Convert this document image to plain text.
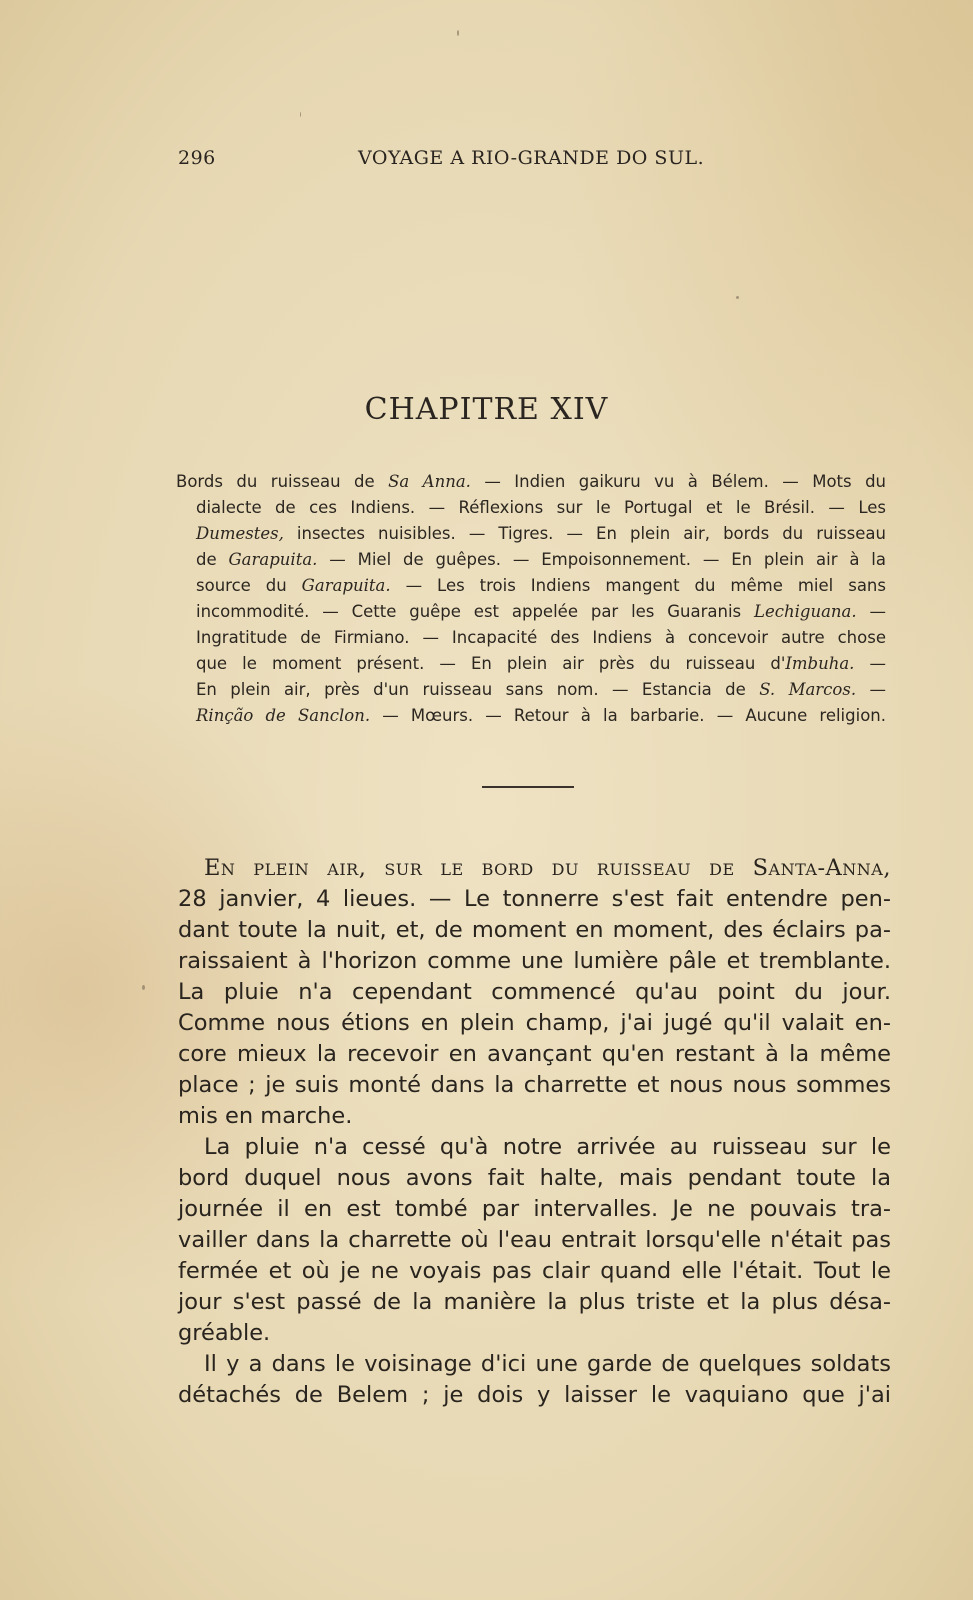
296	VOYAGE A RIO-GRANDE DO SUL.
CHAPITRE XIV
Bords du ruisseau de Sa Anna. — Indien gaikuru vu à Bélem. — Mots du
dialecte de ces Indiens. — Réflexions sur le Portugal et le Brésil. — Les
Dumestes, insectes nuisibles. — Tigres. — En plein air, bords du ruisseau
de Garapuita. — Miel de guêpes. — Empoisonnement. — En plein air à la
source du Garapuita. — Les trois Indiens mangent du même miel sans
incommodité. — Cette guêpe est appelée par les Guaranis Lechiguana. —
Ingratitude de Firmiano. — Incapacité des Indiens à concevoir autre chose
que le moment présent. — En plein air près du ruisseau d'Imbuha. —
En plein air, près d'un ruisseau sans nom. — Estancia de S. Marcos. —
Rinção de Sanclon. — Mœurs. — Retour à la barbarie. — Aucune religion.
En plein air, sur le bord du ruisseau de Santa-Anna,
28 janvier, 4 lieues. — Le tonnerre s'est fait entendre pen-
dant toute la nuit, et, de moment en moment, des éclairs pa-
raissaient à l'horizon comme une lumière pâle et tremblante.
La pluie n'a cependant commencé qu'au point du jour.
Comme nous étions en plein champ, j'ai jugé qu'il valait en-
core mieux la recevoir en avançant qu'en restant à la même
place ; je suis monté dans la charrette et nous nous sommes
mis en marche.
La pluie n'a cessé qu'à notre arrivée au ruisseau sur le
bord duquel nous avons fait halte, mais pendant toute la
journée il en est tombé par intervalles. Je ne pouvais tra-
vailler dans la charrette où l'eau entrait lorsqu'elle n'était pas
fermée et où je ne voyais pas clair quand elle l'était. Tout le
jour s'est passé de la manière la plus triste et la plus désa-
gréable.
Il y a dans le voisinage d'ici une garde de quelques soldats
détachés de Belem ; je dois y laisser le vaquiano que j'ai
